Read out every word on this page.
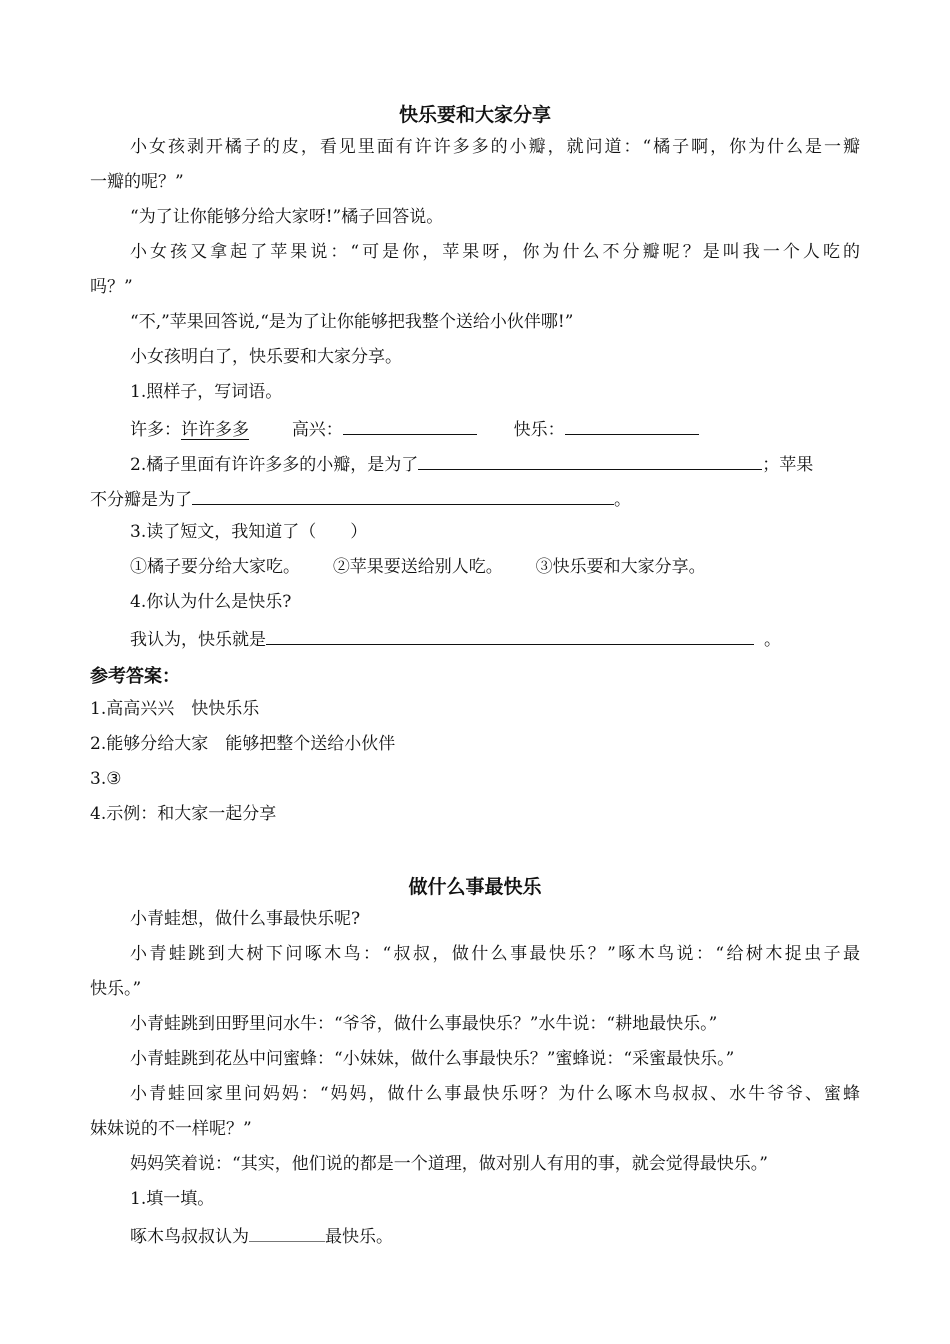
快乐要和大家分享
小女孩剥开橘子的皮，看见里面有许许多多的小瓣，就问道：“橘子啊，你为什么是一瓣
一瓣的呢？”
“为了让你能够分给大家呀!”橘子回答说。
小女孩又拿起了苹果说：“可是你，苹果呀，你为什么不分瓣呢？是叫我一个人吃的
吗？”
“不,”苹果回答说,“是为了让你能够把我整个送给小伙伴哪!”
小女孩明白了，快乐要和大家分享。
1.照样子，写词语。
许多：许许多多	高兴：	快乐：
2.橘子里面有许许多多的小瓣，是为了	；苹果
不分瓣是为了	。
3.读了短文，我知道了（　　）
①橘子要分给大家吃。 ②苹果要送给别人吃。 ③快乐要和大家分享。
4.你认为什么是快乐?
我认为，快乐就是	。
参考答案：
1.高高兴兴　快快乐乐
2.能够分给大家　能够把整个送给小伙伴
3.③
4.示例：和大家一起分享
做什么事最快乐
小青蛙想，做什么事最快乐呢?
小青蛙跳到大树下问啄木鸟：“叔叔，做什么事最快乐？”啄木鸟说：“给树木捉虫子最
快乐。”
小青蛙跳到田野里问水牛：“爷爷，做什么事最快乐？”水牛说：“耕地最快乐。”
小青蛙跳到花丛中问蜜蜂：“小妹妹，做什么事最快乐？”蜜蜂说：“采蜜最快乐。”
小青蛙回家里问妈妈：“妈妈，做什么事最快乐呀？为什么啄木鸟叔叔、水牛爷爷、蜜蜂
妹妹说的不一样呢？”
妈妈笑着说：“其实，他们说的都是一个道理，做对别人有用的事，就会觉得最快乐。”
1.填一填。
啄木鸟叔叔认为	最快乐。
